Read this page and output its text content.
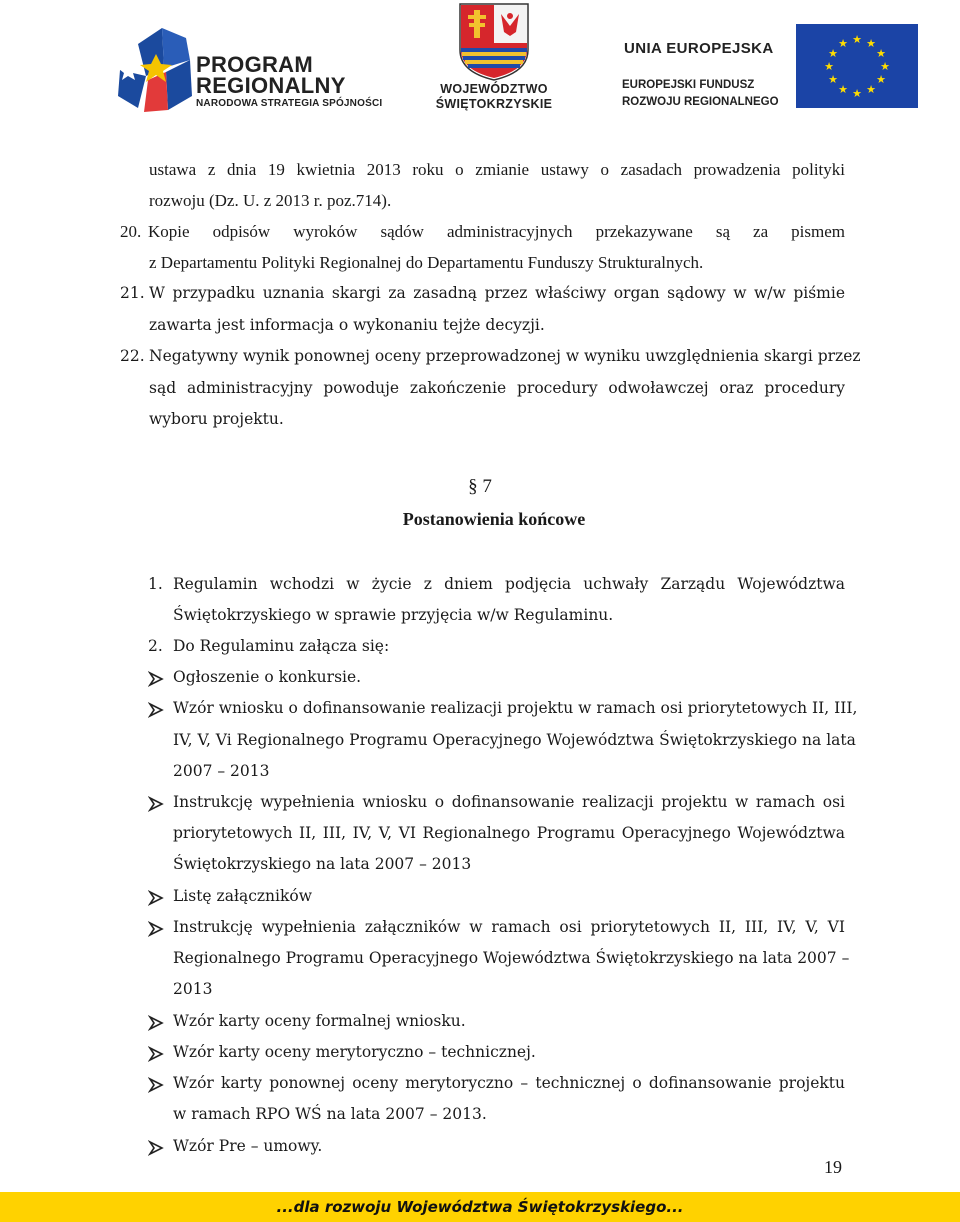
PROGRAM
REGIONALNY
NARODOWA STRATEGIA SPÓJNOŚCI
WOJEWÓDZTWO
ŚWIĘTOKRZYSKIE
UNIA EUROPEJSKA
EUROPEJSKI FUNDUSZ
ROZWOJU REGIONALNEGO
★ ★
★
★
★
★
★
★
★
★
★
★
ustawa z dnia 19 kwietnia 2013 roku o zmianie ustawy o zasadach prowadzenia polityki
rozwoju (Dz. U. z 2013 r. poz.714).
20. Kopie odpisów wyroków sądów administracyjnych przekazywane są za pismem
z Departamentu Polityki Regionalnej do Departamentu Funduszy Strukturalnych.
21. W przypadku uznania skargi za zasadną przez właściwy organ sądowy w w/w piśmie
zawarta jest informacja o wykonaniu tejże decyzji.
22. Negatywny wynik ponownej oceny przeprowadzonej w wyniku uwzględnienia skargi przez
sąd administracyjny powoduje zakończenie procedury odwoławczej oraz procedury
wyboru projektu.
§ 7
Postanowienia końcowe
1. Regulamin wchodzi w życie z dniem podjęcia uchwały Zarządu Województwa
Świętokrzyskiego w sprawie przyjęcia w/w Regulaminu.
2. Do Regulaminu załącza się:
Ogłoszenie o konkursie.
Wzór wniosku o dofinansowanie realizacji projektu w ramach osi priorytetowych II, III,
IV, V, Vi Regionalnego Programu Operacyjnego Województwa Świętokrzyskiego na lata
2007 – 2013
Instrukcję wypełnienia wniosku o dofinansowanie realizacji projektu w ramach osi
priorytetowych II, III, IV, V, VI Regionalnego Programu Operacyjnego Województwa
Świętokrzyskiego na lata 2007 – 2013
Listę załączników
Instrukcję wypełnienia załączników w ramach osi priorytetowych II, III, IV, V, VI
Regionalnego Programu Operacyjnego Województwa Świętokrzyskiego na lata 2007 –
2013
Wzór karty oceny formalnej wniosku.
Wzór karty oceny merytoryczno – technicznej.
Wzór karty ponownej oceny merytoryczno – technicznej o dofinansowanie projektu
w ramach RPO WŚ na lata 2007 – 2013.
Wzór Pre – umowy.
19
...dla rozwoju Województwa Świętokrzyskiego...
